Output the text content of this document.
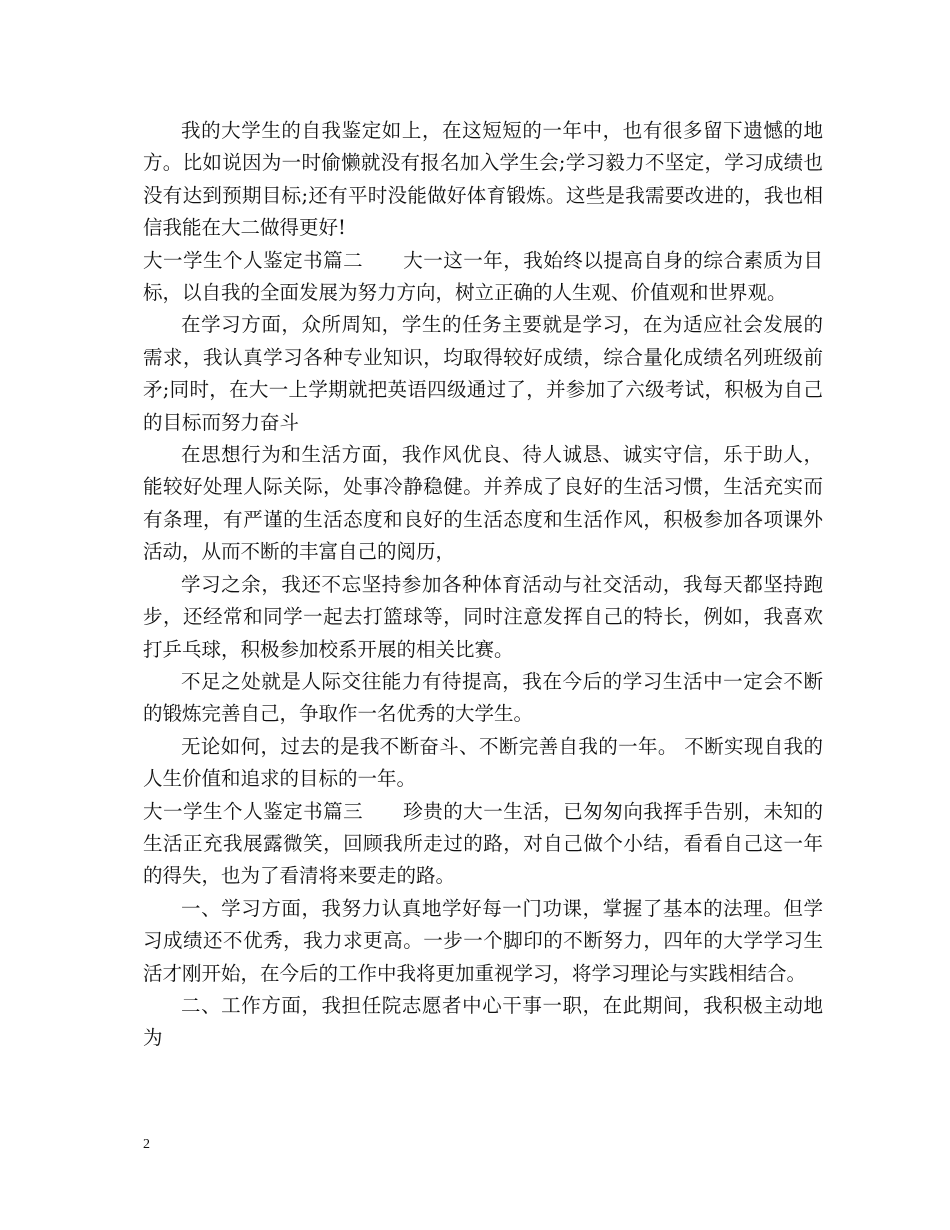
我的大学生的自我鉴定如上，在这短短的一年中，也有很多留下遗憾的地方。比如说因为一时偷懒就没有报名加入学生会;学习毅力不坚定，学习成绩也没有达到预期目标;还有平时没能做好体育锻炼。这些是我需要改进的，我也相信我能在大二做得更好!

大一学生个人鉴定书篇二　　大一这一年，我始终以提高自身的综合素质为目标，以自我的全面发展为努力方向，树立正确的人生观、价值观和世界观。

在学习方面，众所周知，学生的任务主要就是学习，在为适应社会发展的需求，我认真学习各种专业知识，均取得较好成绩，综合量化成绩名列班级前矛;同时，在大一上学期就把英语四级通过了，并参加了六级考试，积极为自己的目标而努力奋斗

在思想行为和生活方面，我作风优良、待人诚恳、诚实守信，乐于助人，能较好处理人际关际，处事冷静稳健。并养成了良好的生活习惯，生活充实而有条理，有严谨的生活态度和良好的生活态度和生活作风，积极参加各项课外活动，从而不断的丰富自己的阅历，

学习之余，我还不忘坚持参加各种体育活动与社交活动，我每天都坚持跑步，还经常和同学一起去打篮球等，同时注意发挥自己的特长，例如，我喜欢打乒乓球，积极参加校系开展的相关比赛。

不足之处就是人际交往能力有待提高，我在今后的学习生活中一定会不断的锻炼完善自己，争取作一名优秀的大学生。

无论如何，过去的是我不断奋斗、不断完善自我的一年。 不断实现自我的人生价值和追求的目标的一年。

大一学生个人鉴定书篇三　　珍贵的大一生活，已匆匆向我挥手告别，未知的生活正充我展露微笑，回顾我所走过的路，对自己做个小结，看看自己这一年的得失，也为了看清将来要走的路。

一、学习方面，我努力认真地学好每一门功课，掌握了基本的法理。但学习成绩还不优秀，我力求更高。一步一个脚印的不断努力，四年的大学学习生活才刚开始，在今后的工作中我将更加重视学习，将学习理论与实践相结合。

二、工作方面，我担任院志愿者中心干事一职，在此期间，我积极主动地为

2
